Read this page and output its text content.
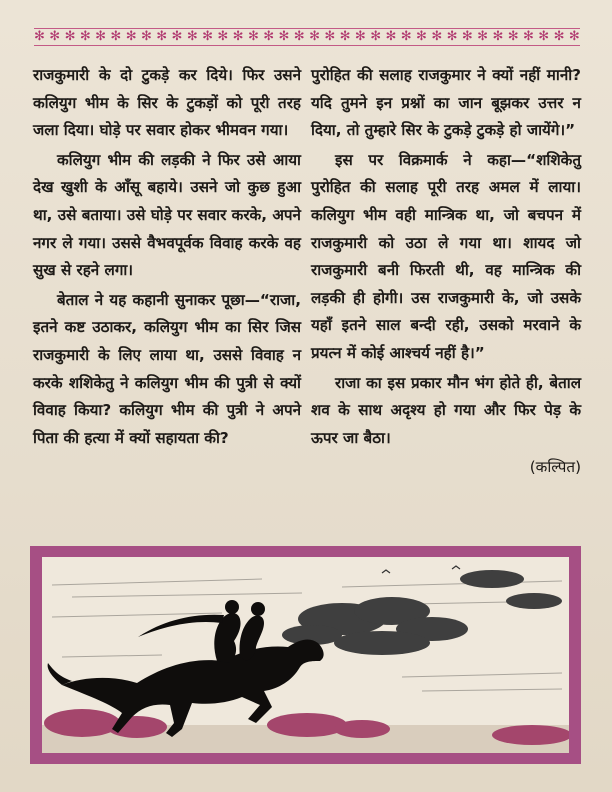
✻ ✻ ✻ ✻ ✻ ✻ ✻ ✻ ✻ ✻ ✻ ✻ ✻ ✻ ✻ ✻ ✻ ✻ ✻ ✻ ✻ ✻ ✻ ✻ ✻ ✻ ✻ ✻ ✻ ✻ ✻ ✻ ✻ ✻ ✻ ✻

राजकुमारी के दो टुकड़े कर दिये। फिर उसने कलियुग भीम के सिर के टुकड़ों को पूरी तरह जला दिया। घोड़े पर सवार होकर भीमवन गया।

कलियुग भीम की लड़की ने फिर उसे आया देख खुशी के आँसू बहाये। उसने जो कुछ हुआ था, उसे बताया। उसे घोड़े पर सवार करके, अपने नगर ले गया। उससे वैभवपूर्वक विवाह करके वह सुख से रहने लगा।

बेताल ने यह कहानी सुनाकर पूछा—“राजा, इतने कष्ट उठाकर, कलियुग भीम का सिर जिस राजकुमारी के लिए लाया था, उससे विवाह न करके शशिकेतु ने कलियुग भीम की पुत्री से क्यों विवाह किया? कलियुग भीम की पुत्री ने अपने पिता की हत्या में क्यों सहायता की?

पुरोहित की सलाह राजकुमार ने क्यों नहीं मानी? यदि तुमने इन प्रश्नों का जान बूझकर उत्तर न दिया, तो तुम्हारे सिर के टुकड़े टुकड़े हो जायेंगे।”

इस पर विक्रमार्क ने कहा—“शशिकेतु पुरोहित की सलाह पूरी तरह अमल में लाया। कलियुग भीम वही मान्त्रिक था, जो बचपन में राजकुमारी को उठा ले गया था। शायद जो राजकुमारी बनी फिरती थी, वह मान्त्रिक की लड़की ही होगी। उस राजकुमारी के, जो उसके यहाँ इतने साल बन्दी रही, उसको मरवाने के प्रयत्न में कोई आश्चर्य नहीं है।”

राजा का इस प्रकार मौन भंग होते ही, बेताल शव के साथ अदृश्य हो गया और फिर पेड़ के ऊपर जा बैठा।

(कल्पित)
